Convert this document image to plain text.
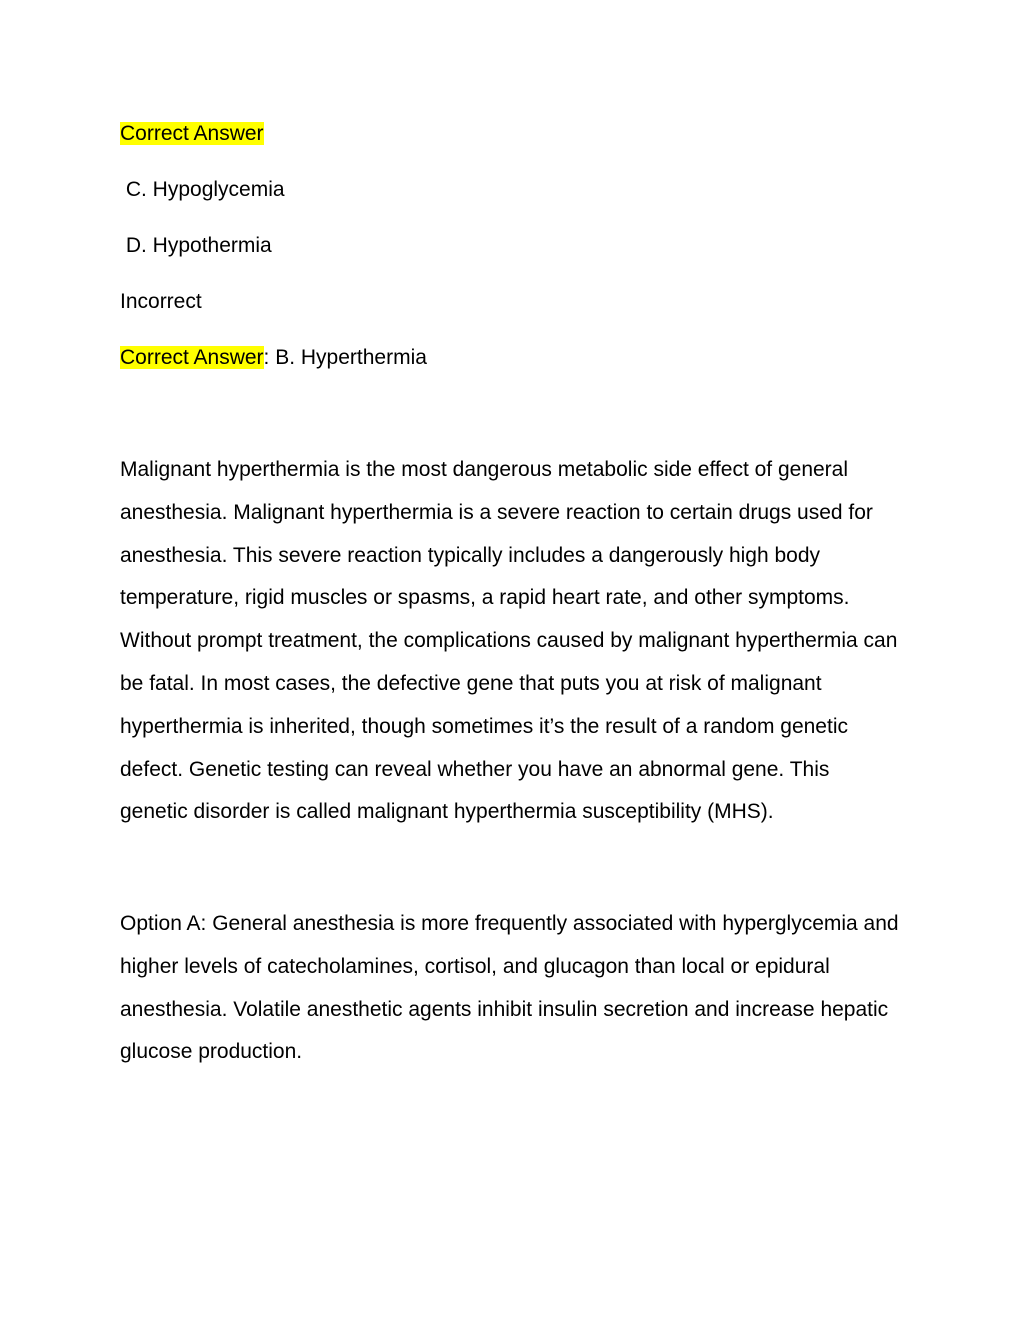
Correct Answer
C. Hypoglycemia
D. Hypothermia
Incorrect
Correct Answer: B. Hyperthermia
Malignant hyperthermia is the most dangerous metabolic side effect of general anesthesia. Malignant hyperthermia is a severe reaction to certain drugs used for anesthesia. This severe reaction typically includes a dangerously high body temperature, rigid muscles or spasms, a rapid heart rate, and other symptoms. Without prompt treatment, the complications caused by malignant hyperthermia can be fatal. In most cases, the defective gene that puts you at risk of malignant hyperthermia is inherited, though sometimes it’s the result of a random genetic defect. Genetic testing can reveal whether you have an abnormal gene. This genetic disorder is called malignant hyperthermia susceptibility (MHS).
Option A: General anesthesia is more frequently associated with hyperglycemia and higher levels of catecholamines, cortisol, and glucagon than local or epidural anesthesia. Volatile anesthetic agents inhibit insulin secretion and increase hepatic glucose production.
